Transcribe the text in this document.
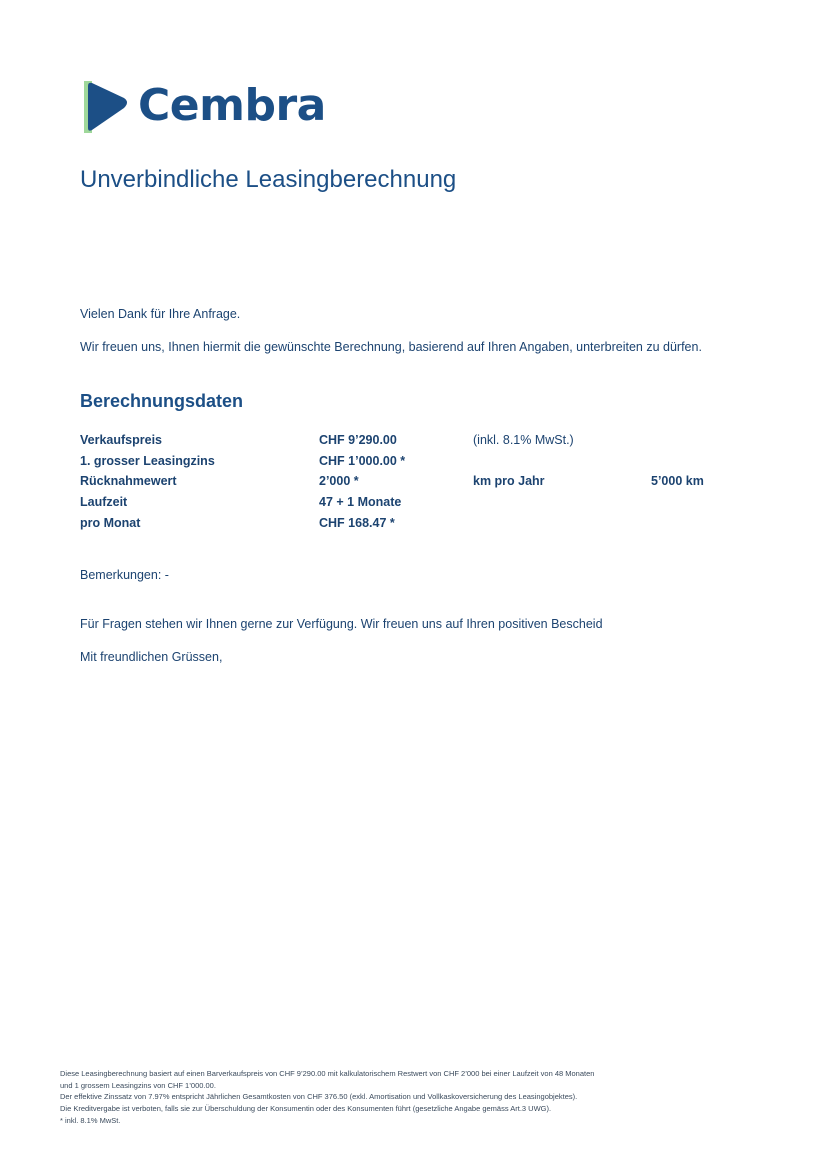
Cembra
Unverbindliche Leasingberechnung

Vielen Dank für Ihre Anfrage.

Wir freuen uns, Ihnen hiermit die gewünschte Berechnung, basierend auf Ihren Angaben, unterbreiten zu dürfen.

Berechnungsdaten
Verkaufspreis	CHF 9’290.00	(inkl. 8.1% MwSt.)
1. grosser Leasingzins	CHF 1’000.00 *
Rücknahmewert	2’000 *	km pro Jahr	5’000 km
Laufzeit	47 + 1 Monate
pro Monat	CHF 168.47 *

Bemerkungen: -

Für Fragen stehen wir Ihnen gerne zur Verfügung. Wir freuen uns auf Ihren positiven Bescheid

Mit freundlichen Grüssen,

Diese Leasingberechnung basiert auf einen Barverkaufspreis von CHF 9’290.00 mit kalkulatorischem Restwert von CHF 2’000 bei einer Laufzeit von 48 Monaten
und 1 grossem Leasingzins von CHF 1’000.00.
Der effektive Zinssatz von 7.97% entspricht Jährlichen Gesamtkosten von CHF 376.50 (exkl. Amortisation und Vollkaskoversicherung des Leasingobjektes).
Die Kreditvergabe ist verboten, falls sie zur Überschuldung der Konsumentin oder des Konsumenten führt (gesetzliche Angabe gemäss Art.3 UWG).
* inkl. 8.1% MwSt.
